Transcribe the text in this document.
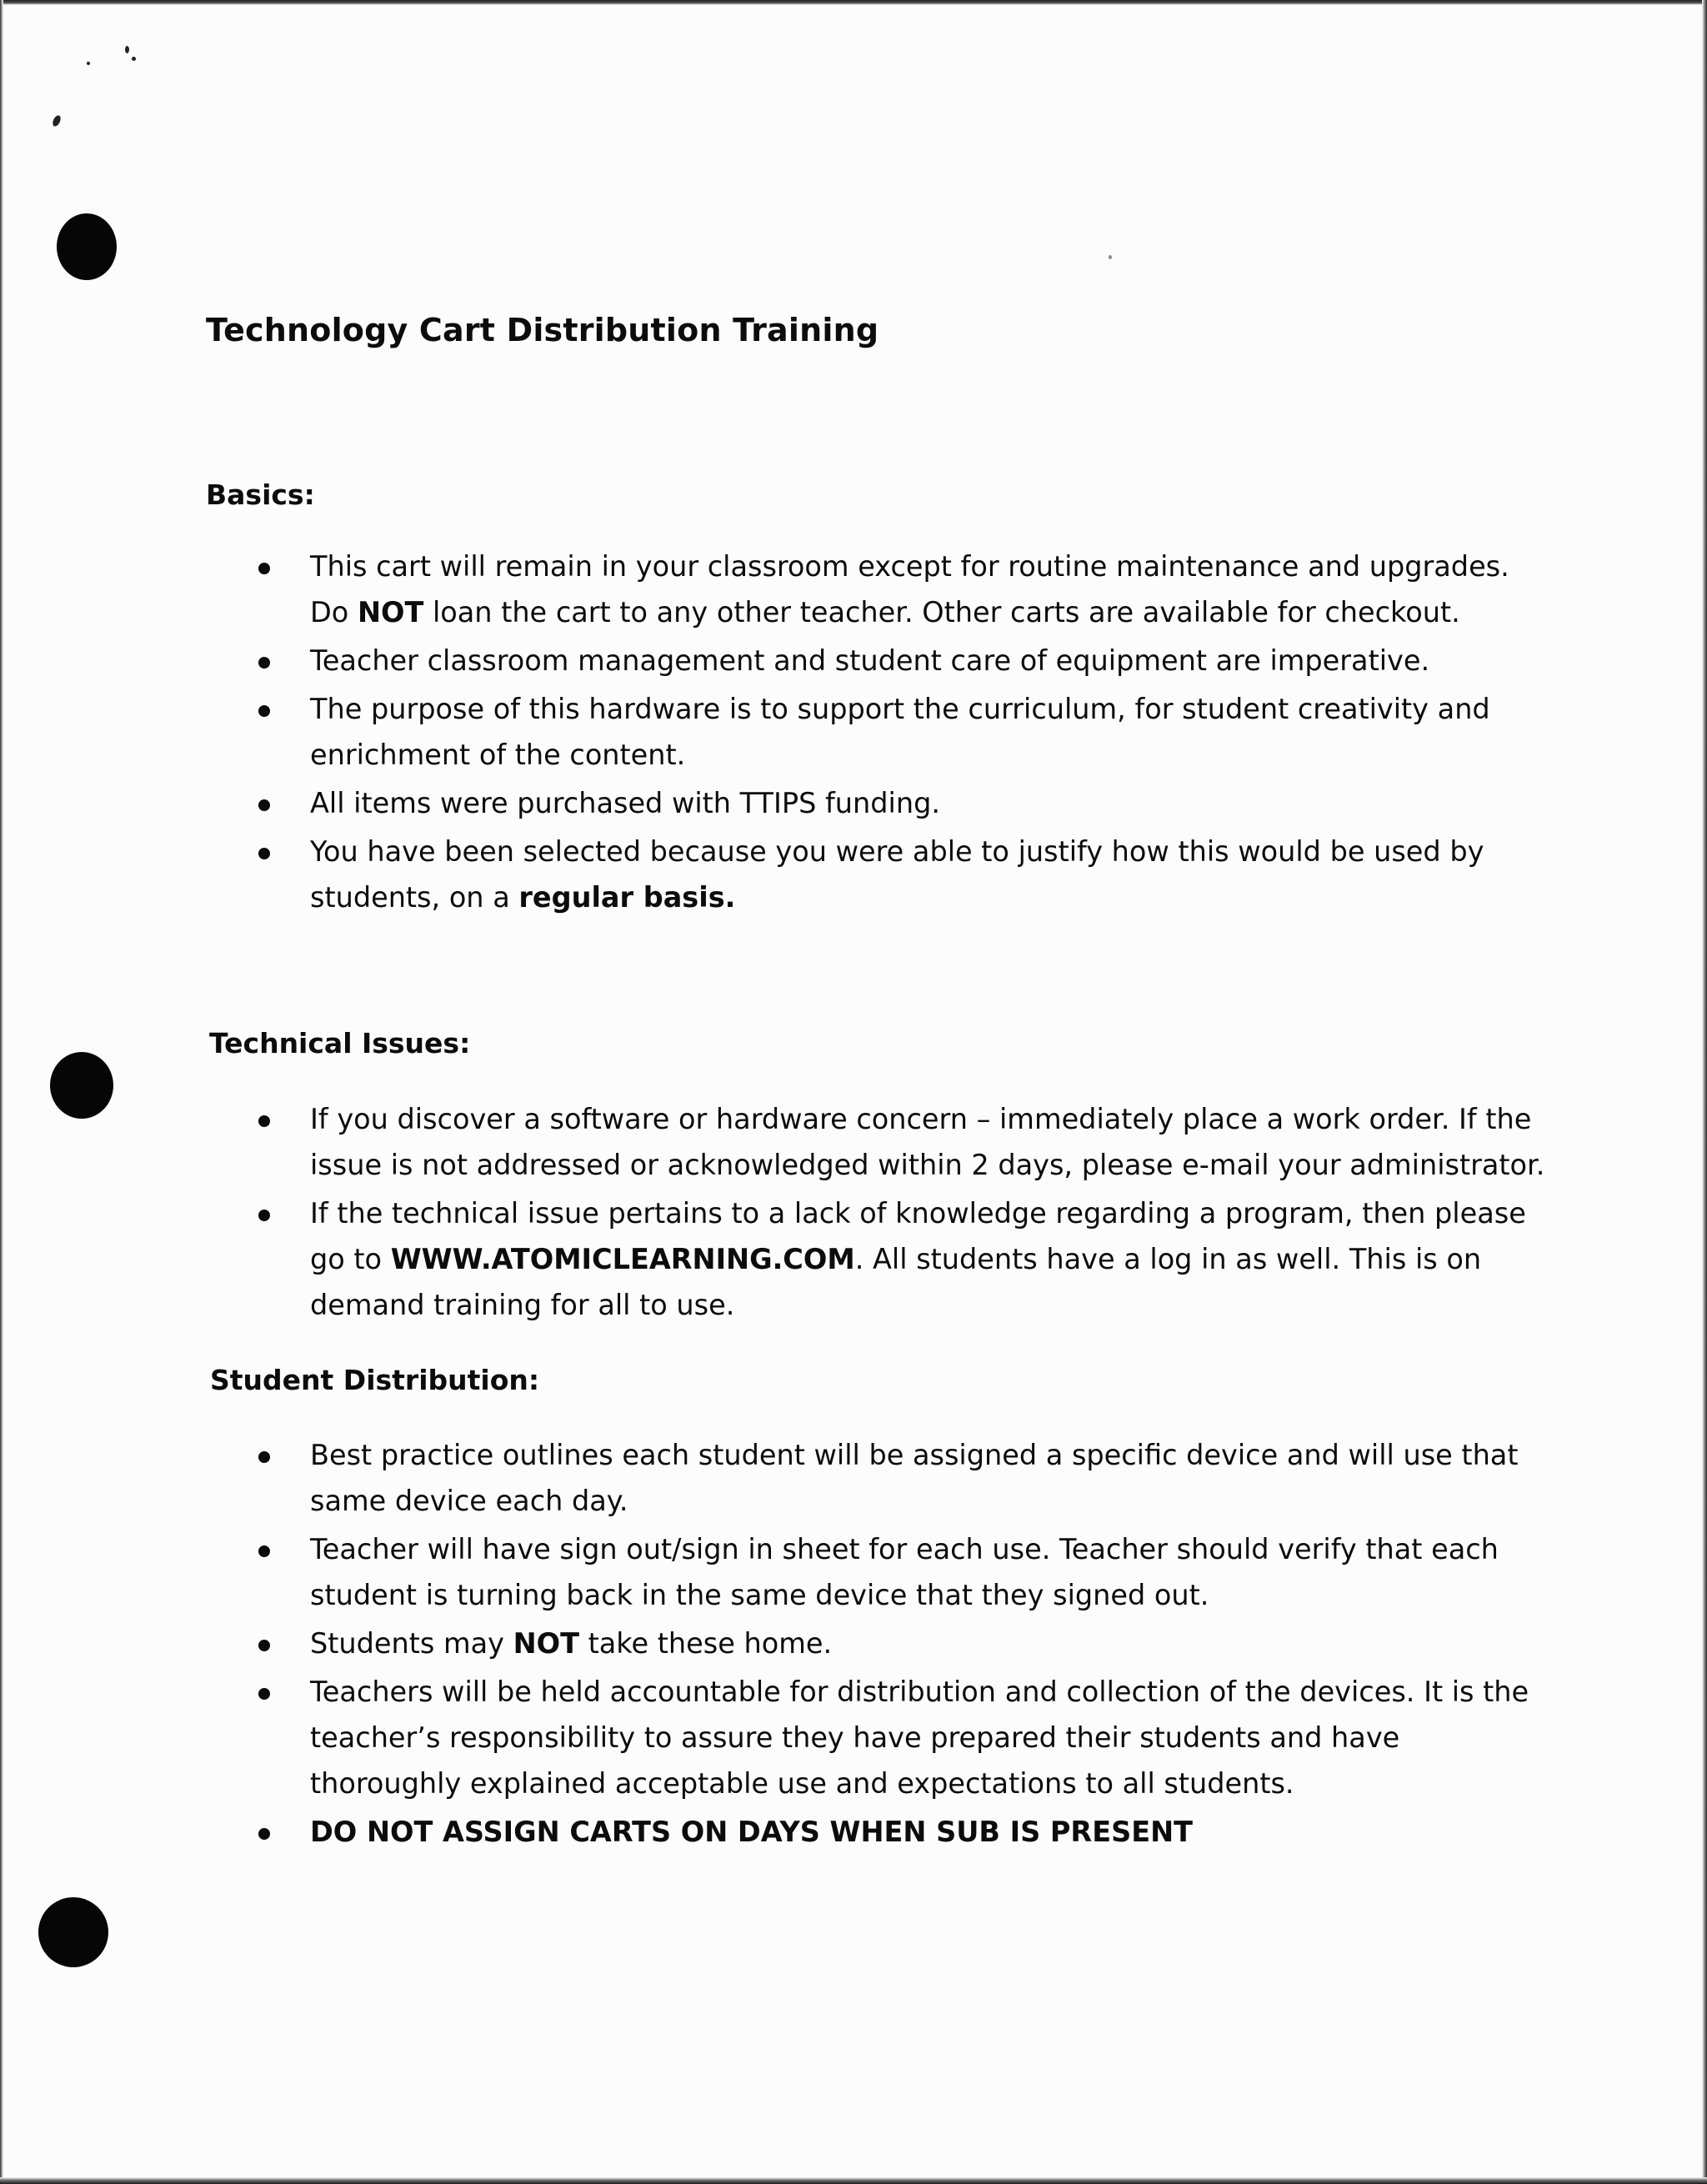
Technology Cart Distribution Training
Basics:
This cart will remain in your classroom except for routine maintenance and upgrades.
Do NOT loan the cart to any other teacher. Other carts are available for checkout.
Teacher classroom management and student care of equipment are imperative.
The purpose of this hardware is to support the curriculum, for student creativity and
enrichment of the content.
All items were purchased with TTIPS funding.
You have been selected because you were able to justify how this would be used by
students, on a regular basis.
Technical Issues:
If you discover a software or hardware concern – immediately place a work order. If the
issue is not addressed or acknowledged within 2 days, please e-mail your administrator.
If the technical issue pertains to a lack of knowledge regarding a program, then please
go to WWW.ATOMICLEARNING.COM. All students have a log in as well. This is on
demand training for all to use.
Student Distribution:
Best practice outlines each student will be assigned a specific device and will use that
same device each day.
Teacher will have sign out/sign in sheet for each use. Teacher should verify that each
student is turning back in the same device that they signed out.
Students may NOT take these home.
Teachers will be held accountable for distribution and collection of the devices. It is the
teacher’s responsibility to assure they have prepared their students and have
thoroughly explained acceptable use and expectations to all students.
DO NOT ASSIGN CARTS ON DAYS WHEN SUB IS PRESENT
